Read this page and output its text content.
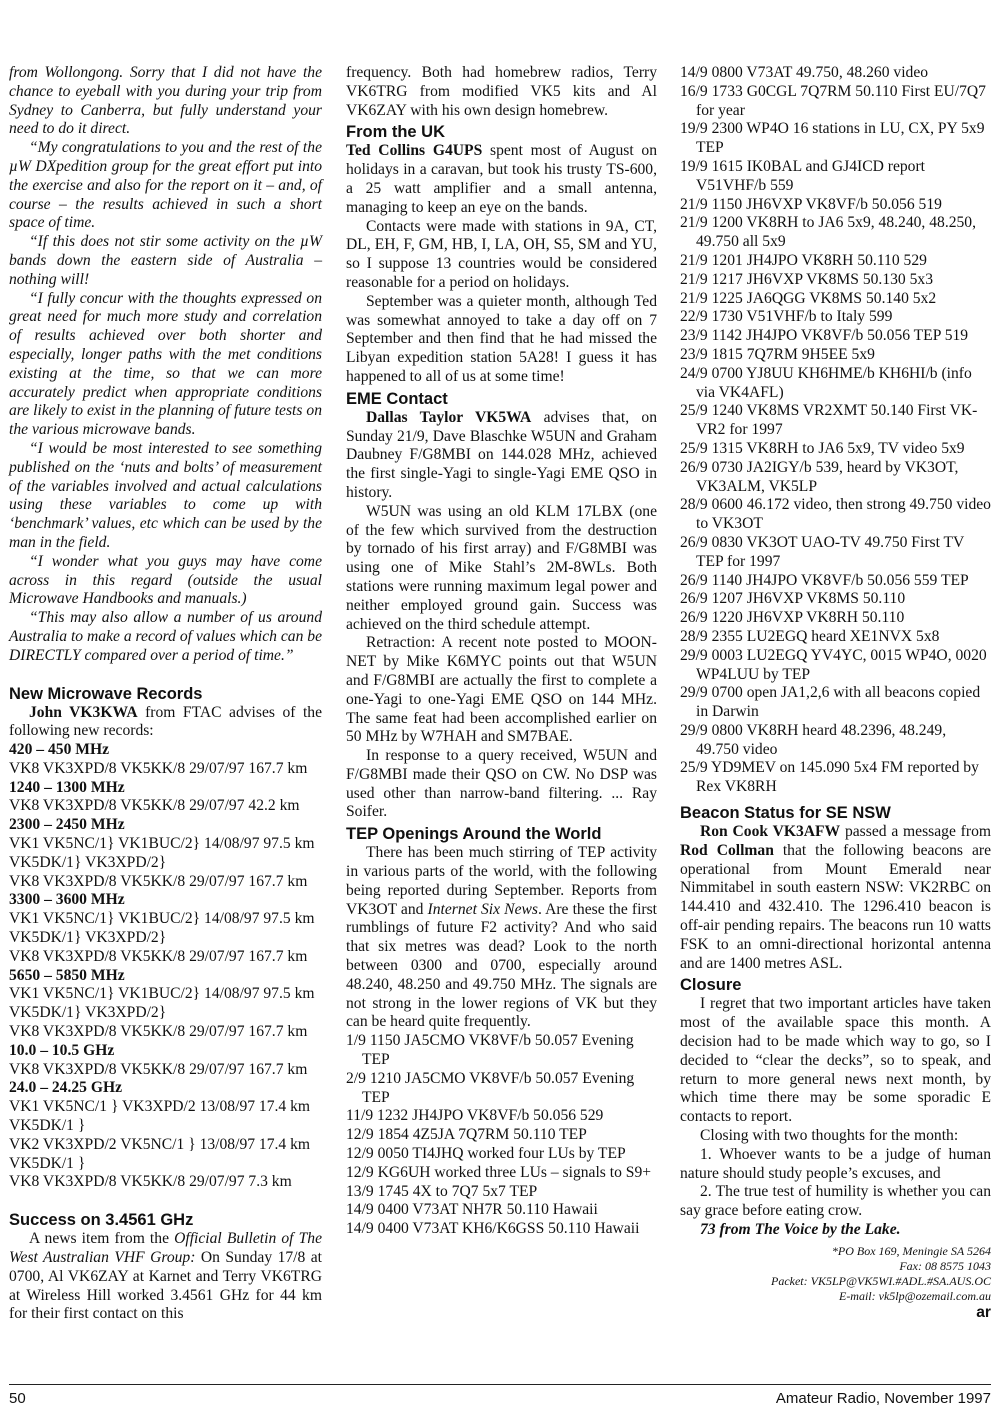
from Wollongong. Sorry that I did not have the chance to eyeball with you during your trip from Sydney to Canberra, but fully understand your need to do it direct.

“My congratulations to you and the rest of the µW DXpedition group for the great effort put into the exercise and also for the report on it – and, of course – the results achieved in such a short space of time.

“If this does not stir some activity on the µW bands down the eastern side of Australia – nothing will!

“I fully concur with the thoughts expressed on great need for much more study and correlation of results achieved over both shorter and especially, longer paths with the met conditions existing at the time, so that we can more accurately predict when appropriate conditions are likely to exist in the planning of future tests on the various microwave bands.

“I would be most interested to see something published on the ‘nuts and bolts’ of measurement of the variables involved and actual calculations using these variables to come up with ‘benchmark’ values, etc which can be used by the man in the field.

“I wonder what you guys may have come across in this regard (outside the usual Microwave Handbooks and manuals.)

“This may also allow a number of us around Australia to make a record of values which can be DIRECTLY compared over a period of time.”

New Microwave Records

John VK3KWA from FTAC advises of the following new records:

420 – 450 MHz

VK8 VK3XPD/8 VK5KK/8 29/07/97 167.7 km

1240 – 1300 MHz

VK8 VK3XPD/8 VK5KK/8 29/07/97 42.2 km

2300 – 2450 MHz

VK1 VK5NC/1} VK1BUC/2} 14/08/97 97.5 km

VK5DK/1} VK3XPD/2}

VK8 VK3XPD/8 VK5KK/8 29/07/97 167.7 km

3300 – 3600 MHz

VK1 VK5NC/1} VK1BUC/2} 14/08/97 97.5 km

VK5DK/1} VK3XPD/2}

VK8 VK3XPD/8 VK5KK/8 29/07/97 167.7 km

5650 – 5850 MHz

VK1 VK5NC/1} VK1BUC/2} 14/08/97 97.5 km

VK5DK/1} VK3XPD/2}

VK8 VK3XPD/8 VK5KK/8 29/07/97 167.7 km

10.0 – 10.5 GHz

VK8 VK3XPD/8 VK5KK/8 29/07/97 167.7 km

24.0 – 24.25 GHz

VK1 VK5NC/1 } VK3XPD/2 13/08/97 17.4 km

VK5DK/1 }

VK2 VK3XPD/2 VK5NC/1 } 13/08/97 17.4 km

VK5DK/1 }

VK8 VK3XPD/8 VK5KK/8 29/07/97 7.3 km

Success on 3.4561 GHz

A news item from the Official Bulletin of The West Australian VHF Group: On Sunday 17/8 at 0700, Al VK6ZAY at Karnet and Terry VK6TRG at Wireless Hill worked 3.4561 GHz for 44 km for their first contact on this

frequency. Both had homebrew radios, Terry VK6TRG from modified VK5 kits and Al VK6ZAY with his own design homebrew.

From the UK

Ted Collins G4UPS spent most of August on holidays in a caravan, but took his trusty TS-600, a 25 watt amplifier and a small antenna, managing to keep an eye on the bands.

Contacts were made with stations in 9A, CT, DL, EH, F, GM, HB, I, LA, OH, S5, SM and YU, so I suppose 13 countries would be considered reasonable for a period on holidays.

September was a quieter month, although Ted was somewhat annoyed to take a day off on 7 September and then find that he had missed the Libyan expedition station 5A28! I guess it has happened to all of us at some time!

EME Contact

Dallas Taylor VK5WA advises that, on Sunday 21/9, Dave Blaschke W5UN and Graham Daubney F/G8MBI on 144.028 MHz, achieved the first single-Yagi to single-Yagi EME QSO in history.

W5UN was using an old KLM 17LBX (one of the few which survived from the destruction by tornado of his first array) and F/G8MBI was using one of Mike Stahl’s 2M-8WLs. Both stations were running maximum legal power and neither employed ground gain. Success was achieved on the third schedule attempt.

Retraction: A recent note posted to MOON-NET by Mike K6MYC points out that W5UN and F/G8MBI are actually the first to complete a one-Yagi to one-Yagi EME QSO on 144 MHz. The same feat had been accomplished earlier on 50 MHz by W7HAH and SM7BAE.

In response to a query received, W5UN and F/G8MBI made their QSO on CW. No DSP was used other than narrow-band filtering. ... Ray Soifer.

TEP Openings Around the World

There has been much stirring of TEP activity in various parts of the world, with the following being reported during September. Reports from VK3OT and Internet Six News. Are these the first rumblings of future F2 activity? And who said that six metres was dead? Look to the north between 0300 and 0700, especially around 48.240, 48.250 and 49.750 MHz. The signals are not strong in the lower regions of VK but they can be heard quite frequently.

1/9 1150 JA5CMO VK8VF/b 50.057 Evening TEP

2/9 1210 JA5CMO VK8VF/b 50.057 Evening TEP

11/9 1232 JH4JPO VK8VF/b 50.056 529

12/9 1854 4Z5JA 7Q7RM 50.110 TEP

12/9 0050 TI4JHQ worked four LUs by TEP

12/9 KG6UH worked three LUs – signals to S9+

13/9 1745 4X to 7Q7 5x7 TEP

14/9 0400 V73AT NH7R 50.110 Hawaii

14/9 0400 V73AT KH6/K6GSS 50.110 Hawaii

14/9 0800 V73AT 49.750, 48.260 video

16/9 1733 G0CGL 7Q7RM 50.110 First EU/7Q7 for year

19/9 2300 WP4O 16 stations in LU, CX, PY 5x9 TEP

19/9 1615 IK0BAL and GJ4ICD report V51VHF/b 559

21/9 1150 JH6VXP VK8VF/b 50.056 519

21/9 1200 VK8RH to JA6 5x9, 48.240, 48.250, 49.750 all 5x9

21/9 1201 JH4JPO VK8RH 50.110 529

21/9 1217 JH6VXP VK8MS 50.130 5x3

21/9 1225 JA6QGG VK8MS 50.140 5x2

22/9 1730 V51VHF/b to Italy 599

23/9 1142 JH4JPO VK8VF/b 50.056 TEP 519

23/9 1815 7Q7RM 9H5EE 5x9

24/9 0700 YJ8UU KH6HME/b KH6HI/b (info via VK4AFL)

25/9 1240 VK8MS VR2XMT 50.140 First VK-VR2 for 1997

25/9 1315 VK8RH to JA6 5x9, TV video 5x9

26/9 0730 JA2IGY/b 539, heard by VK3OT, VK3ALM, VK5LP

28/9 0600 46.172 video, then strong 49.750 video to VK3OT

26/9 0830 VK3OT UAO-TV 49.750 First TV TEP for 1997

26/9 1140 JH4JPO VK8VF/b 50.056 559 TEP

26/9 1207 JH6VXP VK8MS 50.110

26/9 1220 JH6VXP VK8RH 50.110

28/9 2355 LU2EGQ heard XE1NVX 5x8

29/9 0003 LU2EGQ YV4YC, 0015 WP4O, 0020 WP4LUU by TEP

29/9 0700 open JA1,2,6 with all beacons copied in Darwin

29/9 0800 VK8RH heard 48.2396, 48.249, 49.750 video

25/9 YD9MEV on 145.090 5x4 FM reported by Rex VK8RH

Beacon Status for SE NSW

Ron Cook VK3AFW passed a message from Rod Collman that the following beacons are operational from Mount Emerald near Nimmitabel in south eastern NSW: VK2RBC on 144.410 and 432.410. The 1296.410 beacon is off-air pending repairs. The beacons run 10 watts FSK to an omni-directional horizontal antenna and are 1400 metres ASL.

Closure

I regret that two important articles have taken most of the available space this month. A decision had to be made which way to go, so I decided to “clear the decks”, so to speak, and return to more general news next month, by which time there may be some sporadic E contacts to report.

Closing with two thoughts for the month:

1. Whoever wants to be a judge of human nature should study people’s excuses, and

2. The true test of humility is whether you can say grace before eating crow.

73 from The Voice by the Lake.

*PO Box 169, Meningie SA 5264

Fax: 08 8575 1043

Packet: VK5LP@VK5WI.#ADL.#SA.AUS.OC

E-mail: vk5lp@ozemail.com.au

ar

50	Amateur Radio, November 1997
